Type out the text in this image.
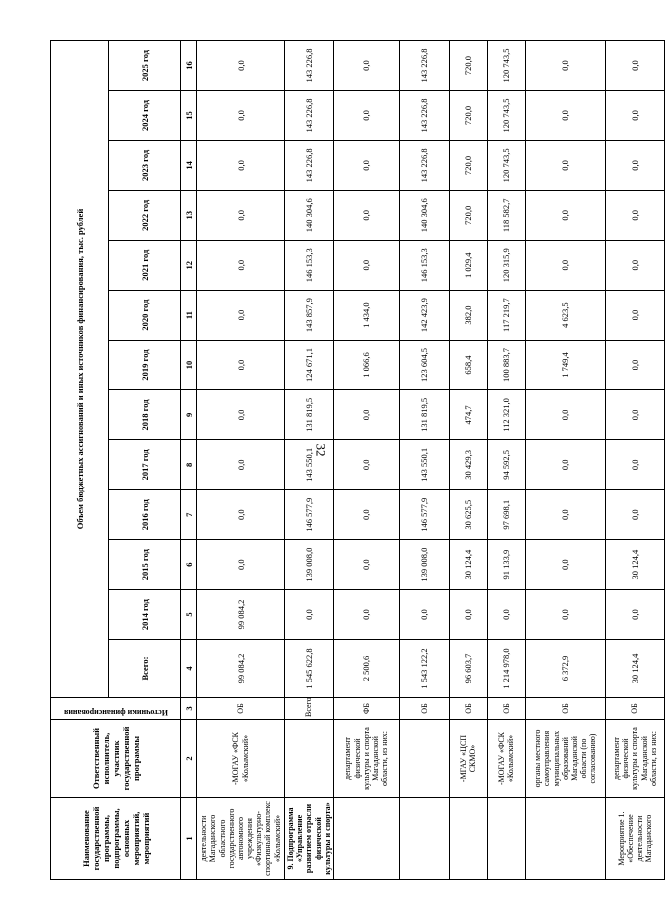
32
Наименование государственной программы, подпрограммы, основных мероприятий, мероприятий	Ответственный исполнитель, участник государственной программы	Источники финансирования	Объем бюджетных ассигнований и иных источников финансирования, тыс. рублей												
			Всего:	2014 год	2015 год	2016 год	2017 год	2018 год	2019 год	2020 год	2021 год	2022 год	2023 год	2024 год	2025 год
1	2	3	4	5	6	7	8	9	10	11	12	13	14	15	16
деятельности Магаданского областного государственного автономного учреждения «Физкультурно-спортивный комплекс «Колымский»	-МОГАУ «ФСК «Колымский»	ОБ	99 084,2	99 084,2	0,0	0,0	0,0	0,0	0,0	0,0	0,0	0,0	0,0	0,0	0,0
9. Подпрограмма «Управление развитием отрасли физической культуры и спорта»		Всего	1 545 622,8	0,0	139 008,0	146 577,9	143 550,1	131 819,5	124 671,1	143 857,9	146 153,3	140 304,6	143 226,8	143 226,8	143 226,8
	департамент физической культуры и спорта Магаданской области, из них:	ФБ	2 500,6	0,0	0,0	0,0	0,0	0,0	1 066,6	1 434,0	0,0	0,0	0,0	0,0	0,0
		ОБ	1 543 122,2	0,0	139 008,0	146 577,9	143 550,1	131 819,5	123 604,5	142 423,9	146 153,3	140 304,6	143 226,8	143 226,8	143 226,8
	-МГАУ «ЦСП СКМО»	ОБ	96 603,7	0,0	30 124,4	30 625,5	30 429,3	474,7	658,4	382,0	1 029,4	720,0	720,0	720,0	720,0
	-МОГАУ «ФСК «Колымский»	ОБ	1 214 978,0	0,0	91 133,9	97 698,1	94 592,5	112 321,0	100 883,7	117 219,7	120 315,9	118 582,7	120 743,5	120 743,5	120 743,5
	органы местного самоуправления муниципальных образований Магаданской области (по согласованию)	ОБ	6 372,9	0,0	0,0	0,0	0,0	0,0	1 749,4	4 623,5	0,0	0,0	0,0	0,0	0,0
Мероприятие 1. «Обеспечение деятельности Магаданского	департамент физической культуры и спорта Магаданской области, из них:	ОБ	30 124,4	0,0	30 124,4	0,0	0,0	0,0	0,0	0,0	0,0	0,0	0,0	0,0	0,0
